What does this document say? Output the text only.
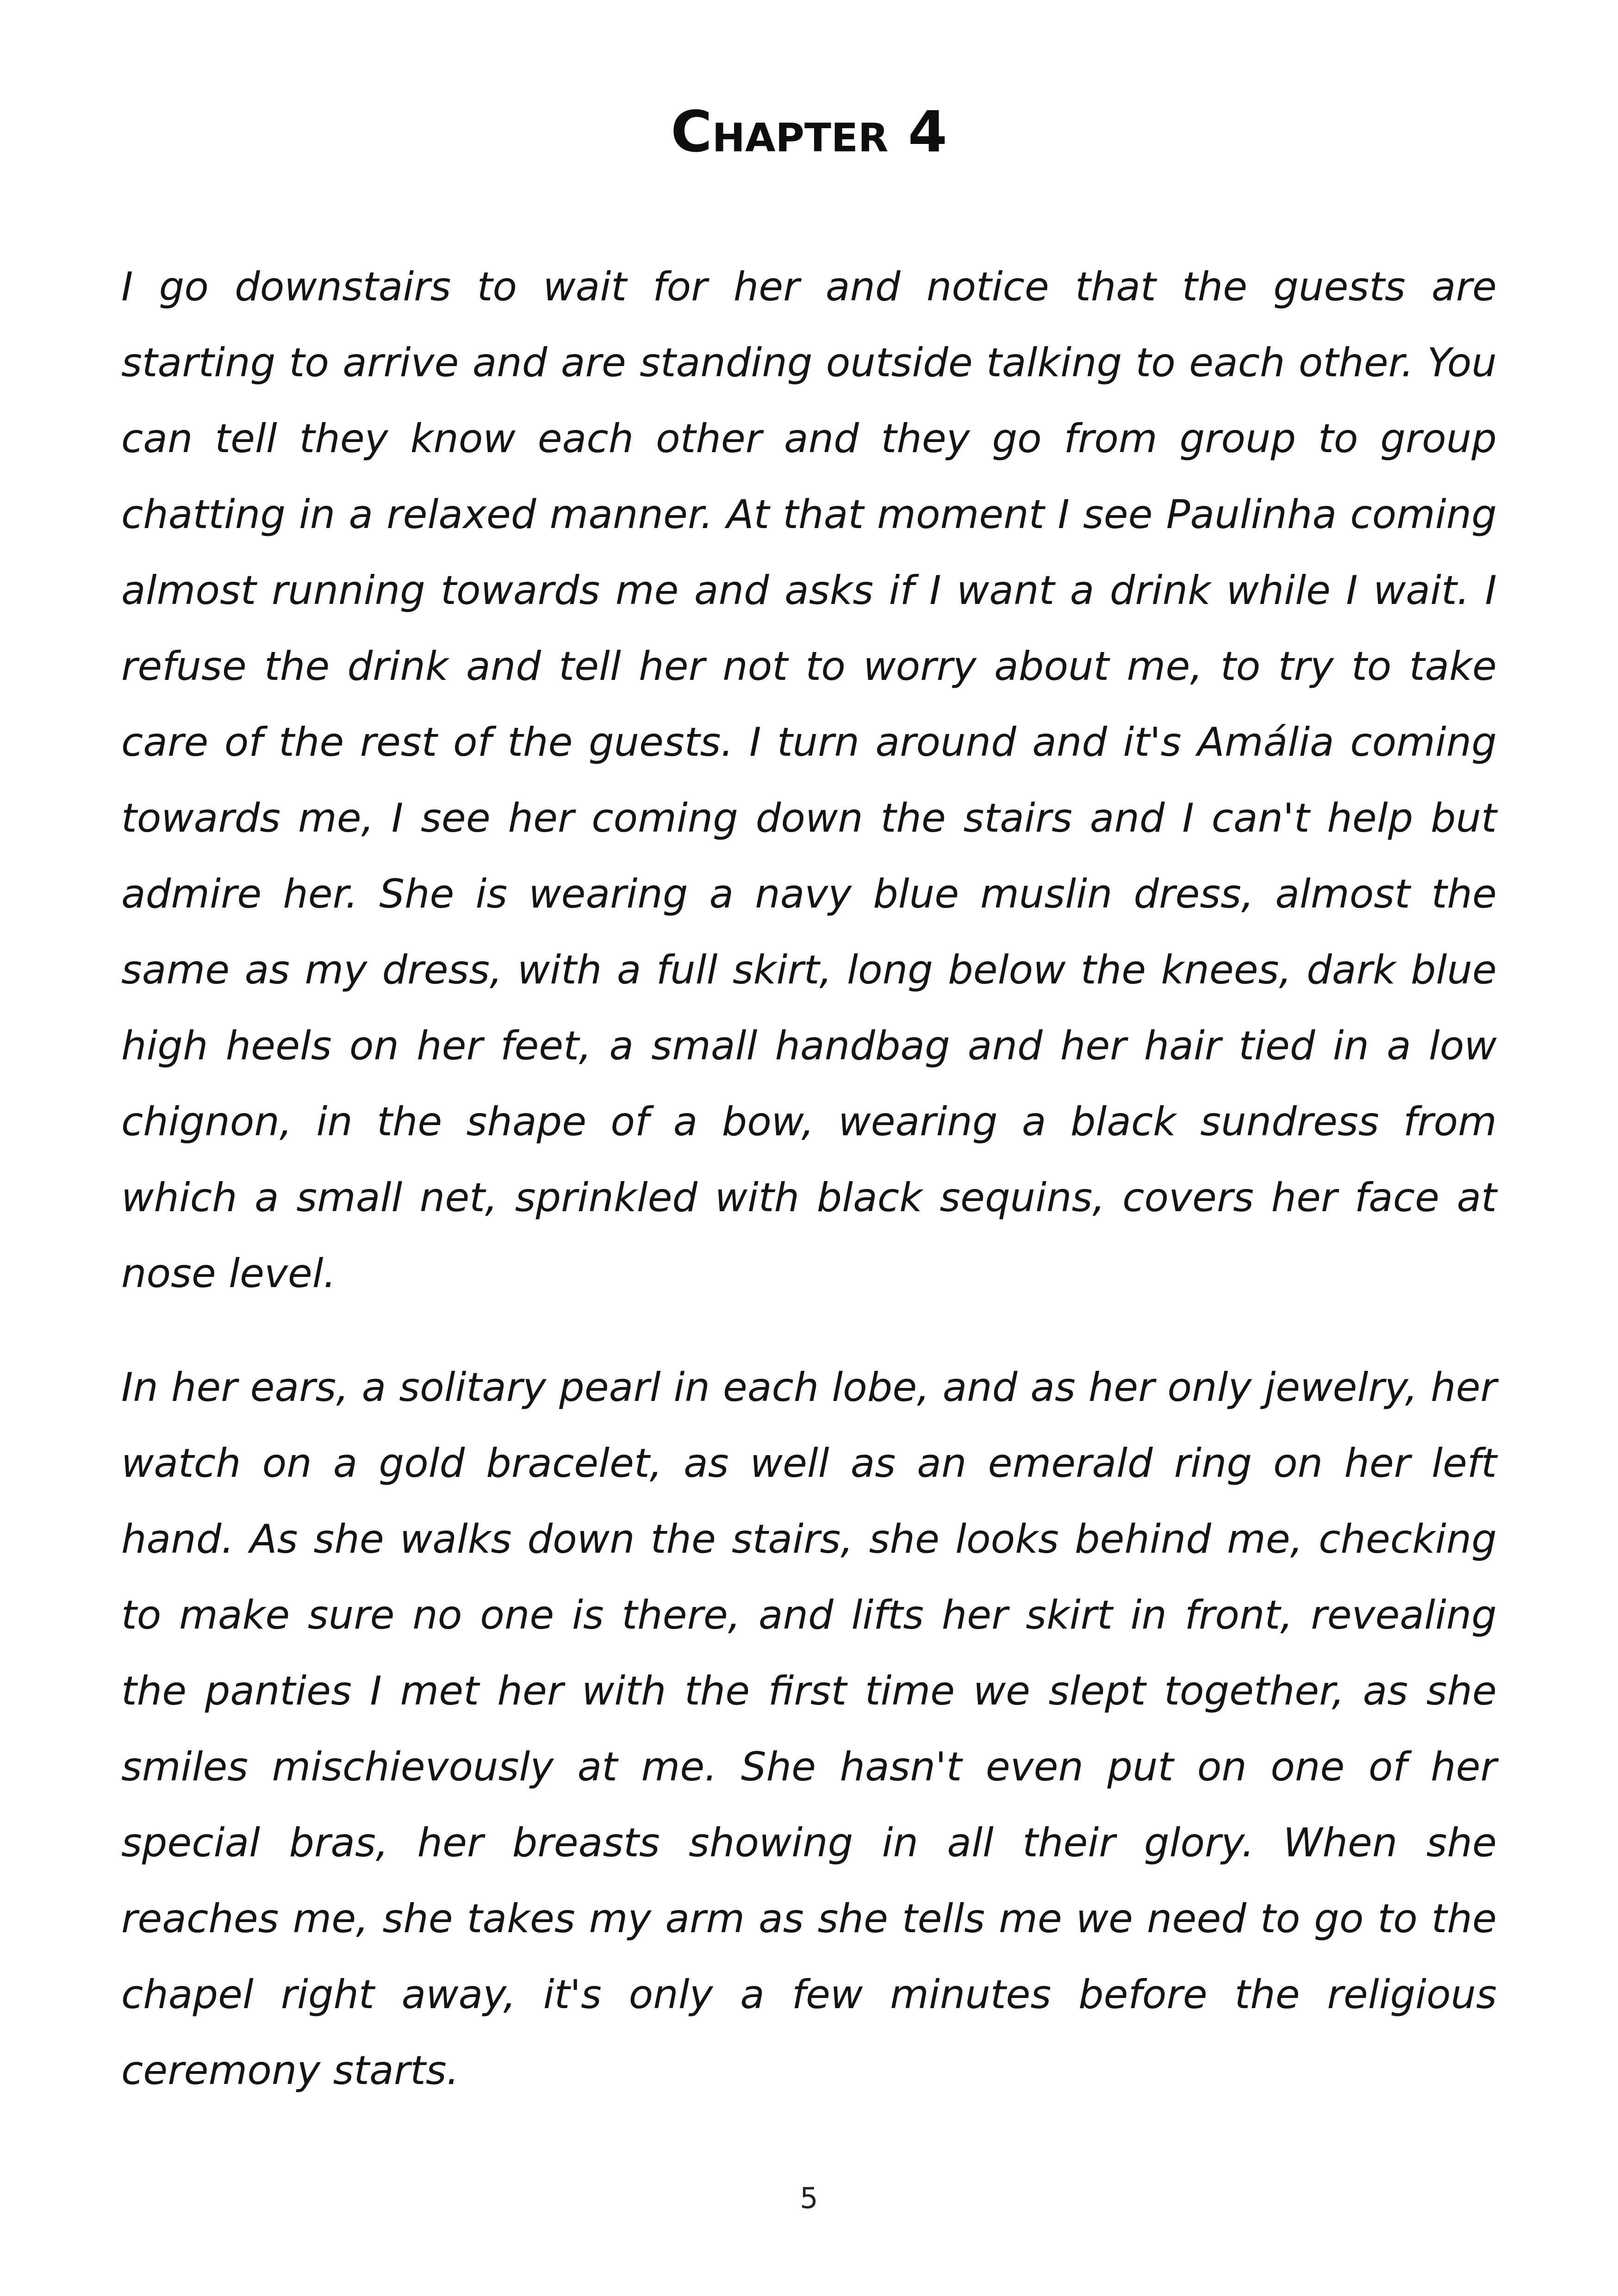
Chapter 4

I go downstairs to wait for her and notice that the guests are starting to arrive and are standing outside talking to each other. You can tell they know each other and they go from group to group chatting in a relaxed manner. At that moment I see Paulinha coming almost running towards me and asks if I want a drink while I wait. I refuse the drink and tell her not to worry about me, to try to take care of the rest of the guests. I turn around and it's Amália coming towards me, I see her coming down the stairs and I can't help but admire her. She is wearing a navy blue muslin dress, almost the same as my dress, with a full skirt, long below the knees, dark blue high heels on her feet, a small handbag and her hair tied in a low chignon, in the shape of a bow, wearing a black sundress from which a small net, sprinkled with black sequins, covers her face at nose level.

In her ears, a solitary pearl in each lobe, and as her only jewelry, her watch on a gold bracelet, as well as an emerald ring on her left hand. As she walks down the stairs, she looks behind me, checking to make sure no one is there, and lifts her skirt in front, revealing the panties I met her with the first time we slept together, as she smiles mischievously at me. She hasn't even put on one of her special bras, her breasts showing in all their glory. When she reaches me, she takes my arm as she tells me we need to go to the chapel right away, it's only a few minutes before the religious ceremony starts.

5
